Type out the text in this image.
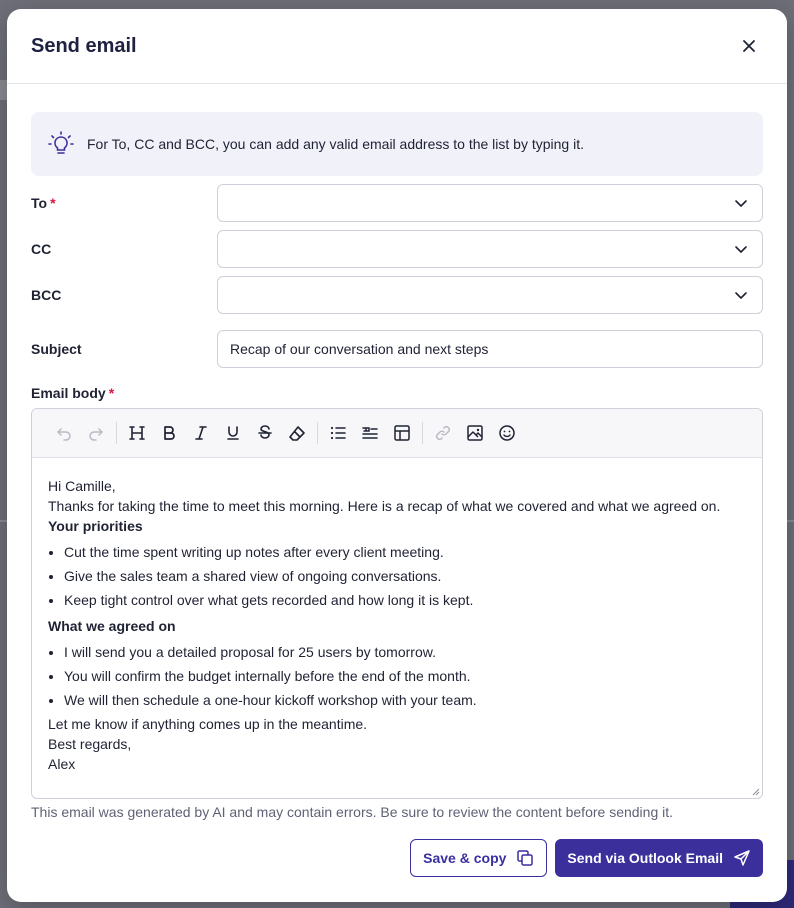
Send email
For To, CC and BCC, you can add any valid email address to the list by typing it.
To *
CC
BCC
Subject
Recap of our conversation and next steps
Email body *
Hi Camille,
Thanks for taking the time to meet this morning. Here is a recap of what we covered and what we agreed on.
Your priorities
• Cut the time spent writing up notes after every client meeting.
• Give the sales team a shared view of ongoing conversations.
• Keep tight control over what gets recorded and how long it is kept.
What we agreed on
• I will send you a detailed proposal for 25 users by tomorrow.
• You will confirm the budget internally before the end of the month.
• We will then schedule a one-hour kickoff workshop with your team.
Let me know if anything comes up in the meantime.
Best regards,
Alex
This email was generated by AI and may contain errors. Be sure to review the content before sending it.
Save & copy	Send via Outlook Email
